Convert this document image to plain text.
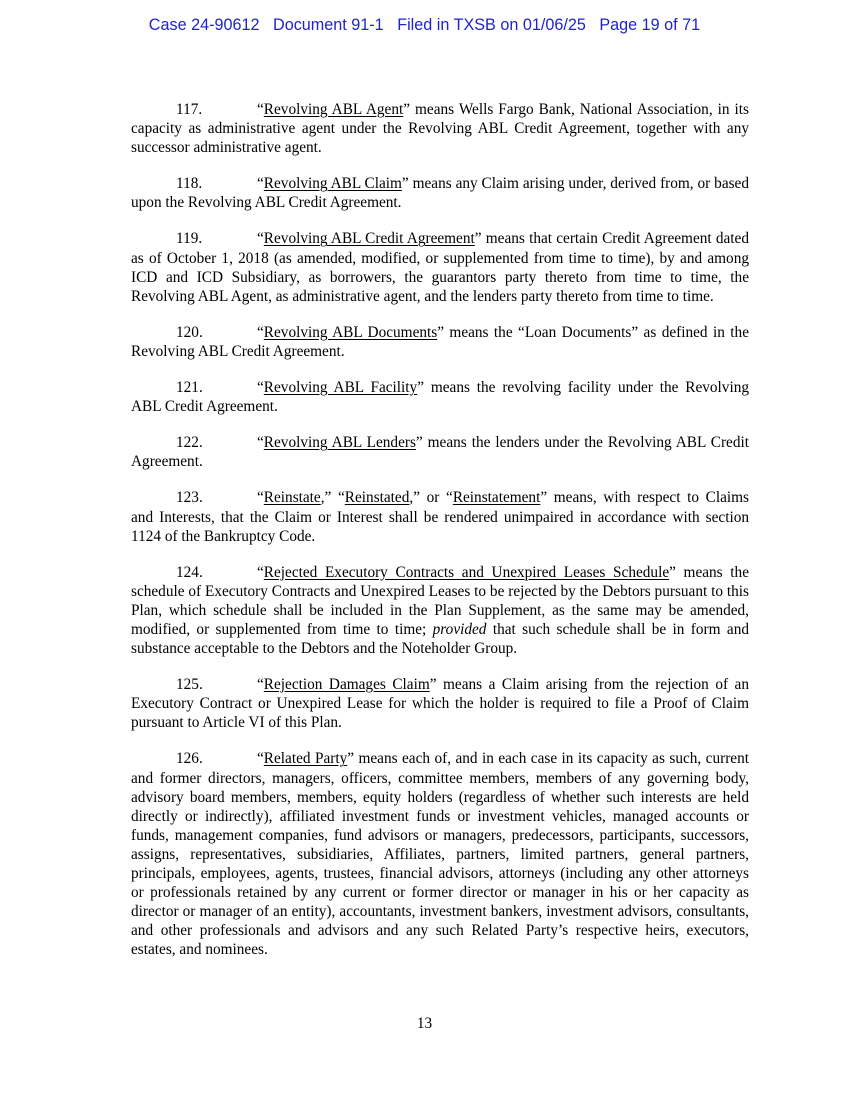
Case 24-90612 Document 91-1 Filed in TXSB on 01/06/25 Page 19 of 71

117.	“Revolving ABL Agent” means Wells Fargo Bank, National Association, in its capacity as administrative agent under the Revolving ABL Credit Agreement, together with any successor administrative agent.

118.	“Revolving ABL Claim” means any Claim arising under, derived from, or based upon the Revolving ABL Credit Agreement.

119.	“Revolving ABL Credit Agreement” means that certain Credit Agreement dated as of October 1, 2018 (as amended, modified, or supplemented from time to time), by and among ICD and ICD Subsidiary, as borrowers, the guarantors party thereto from time to time, the Revolving ABL Agent, as administrative agent, and the lenders party thereto from time to time.

120.	“Revolving ABL Documents” means the “Loan Documents” as defined in the Revolving ABL Credit Agreement.

121.	“Revolving ABL Facility” means the revolving facility under the Revolving ABL Credit Agreement.

122.	“Revolving ABL Lenders” means the lenders under the Revolving ABL Credit Agreement.

123.	“Reinstate,” “Reinstated,” or “Reinstatement” means, with respect to Claims and Interests, that the Claim or Interest shall be rendered unimpaired in accordance with section 1124 of the Bankruptcy Code.

124.	“Rejected Executory Contracts and Unexpired Leases Schedule” means the schedule of Executory Contracts and Unexpired Leases to be rejected by the Debtors pursuant to this Plan, which schedule shall be included in the Plan Supplement, as the same may be amended, modified, or supplemented from time to time; provided that such schedule shall be in form and substance acceptable to the Debtors and the Noteholder Group.

125.	“Rejection Damages Claim” means a Claim arising from the rejection of an Executory Contract or Unexpired Lease for which the holder is required to file a Proof of Claim pursuant to Article VI of this Plan.

126.	“Related Party” means each of, and in each case in its capacity as such, current and former directors, managers, officers, committee members, members of any governing body, advisory board members, members, equity holders (regardless of whether such interests are held directly or indirectly), affiliated investment funds or investment vehicles, managed accounts or funds, management companies, fund advisors or managers, predecessors, participants, successors, assigns, representatives, subsidiaries, Affiliates, partners, limited partners, general partners, principals, employees, agents, trustees, financial advisors, attorneys (including any other attorneys or professionals retained by any current or former director or manager in his or her capacity as director or manager of an entity), accountants, investment bankers, investment advisors, consultants, and other professionals and advisors and any such Related Party’s respective heirs, executors, estates, and nominees.

13
